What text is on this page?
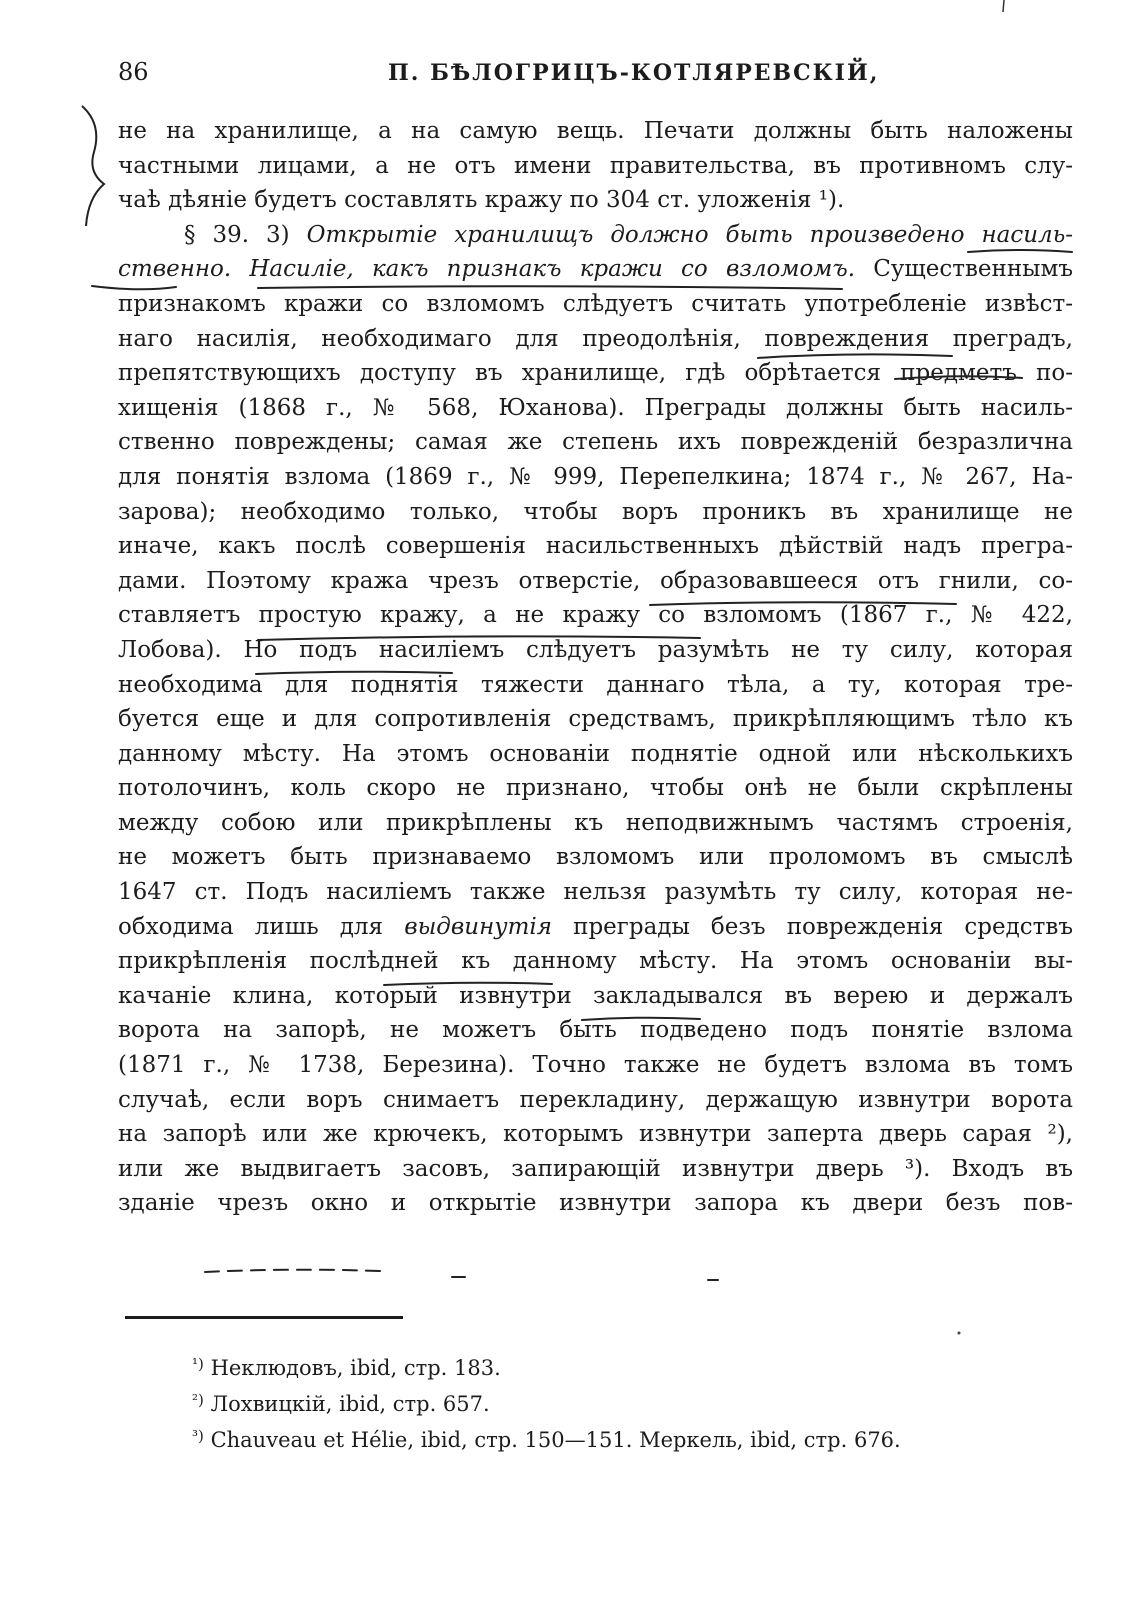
86	П. БѢЛОГРИЦЪ-КОТЛЯРЕВСКІЙ,
не на хранилище, а на самую вещь. Печати должны быть наложены
частными лицами, а не отъ имени правительства, въ противномъ слу-
чаѣ дѣяніе будетъ составлять кражу по 304 ст. уложенія ¹).
§ 39. 3) Открытіе хранилищъ должно быть произведено насиль-
ственно. Насиліе, какъ признакъ кражи со взломомъ. Существеннымъ
признакомъ кражи со взломомъ слѣдуетъ считать употребленіе извѣст-
наго насилія, необходимаго для преодолѣнія, повреждения преградъ,
препятствующихъ доступу въ хранилище, гдѣ обрѣтается предметъ по-
хищенія (1868 г., № 568, Юханова). Преграды должны быть насиль-
ственно повреждены; самая же степень ихъ поврежденій безразлична
для понятія взлома (1869 г., № 999, Перепелкина; 1874 г., № 267, На-
зарова); необходимо только, чтобы воръ проникъ въ хранилище не
иначе, какъ послѣ совершенія насильственныхъ дѣйствій надъ прегра-
дами. Поэтому кража чрезъ отверстіе, образовавшееся отъ гнили, со-
ставляетъ простую кражу, а не кражу со взломомъ (1867 г., № 422,
Лобова). Но подъ насиліемъ слѣдуетъ разумѣть не ту силу, которая
необходима для поднятія тяжести даннаго тѣла, а ту, которая тре-
буется еще и для сопротивленія средствамъ, прикрѣпляющимъ тѣло къ
данному мѣсту. На этомъ основаніи поднятіе одной или нѣсколькихъ
потолочинъ, коль скоро не признано, чтобы онѣ не были скрѣплены
между собою или прикрѣплены къ неподвижнымъ частямъ строенія,
не можетъ быть признаваемо взломомъ или проломомъ въ смыслѣ
1647 ст. Подъ насиліемъ также нельзя разумѣть ту силу, которая не-
обходима лишь для выдвинутія преграды безъ поврежденія средствъ
прикрѣпленія послѣдней къ данному мѣсту. На этомъ основаніи вы-
качаніе клина, который извнутри закладывался въ верею и держалъ
ворота на запорѣ, не можетъ быть подведено подъ понятіе взлома
(1871 г., № 1738, Березина). Точно также не будетъ взлома въ томъ
случаѣ, если воръ снимаетъ перекладину, держащую извнутри ворота
на запорѣ или же крючекъ, которымъ извнутри заперта дверь сарая ²),
или же выдвигаетъ засовъ, запирающій извнутри дверь ³). Входъ въ
зданіе чрезъ окно и открытіе извнутри запора къ двери безъ пов-
$^{^1)}$ Неклюдовъ, ibid, стр. 183.
$^{^2)}$ Лохвицкій, ibid, стр. 657.
$^{^3)}$ Chauveau et Hélie, ibid, стр. 150—151. Меркель, ibid, стр. 676.
